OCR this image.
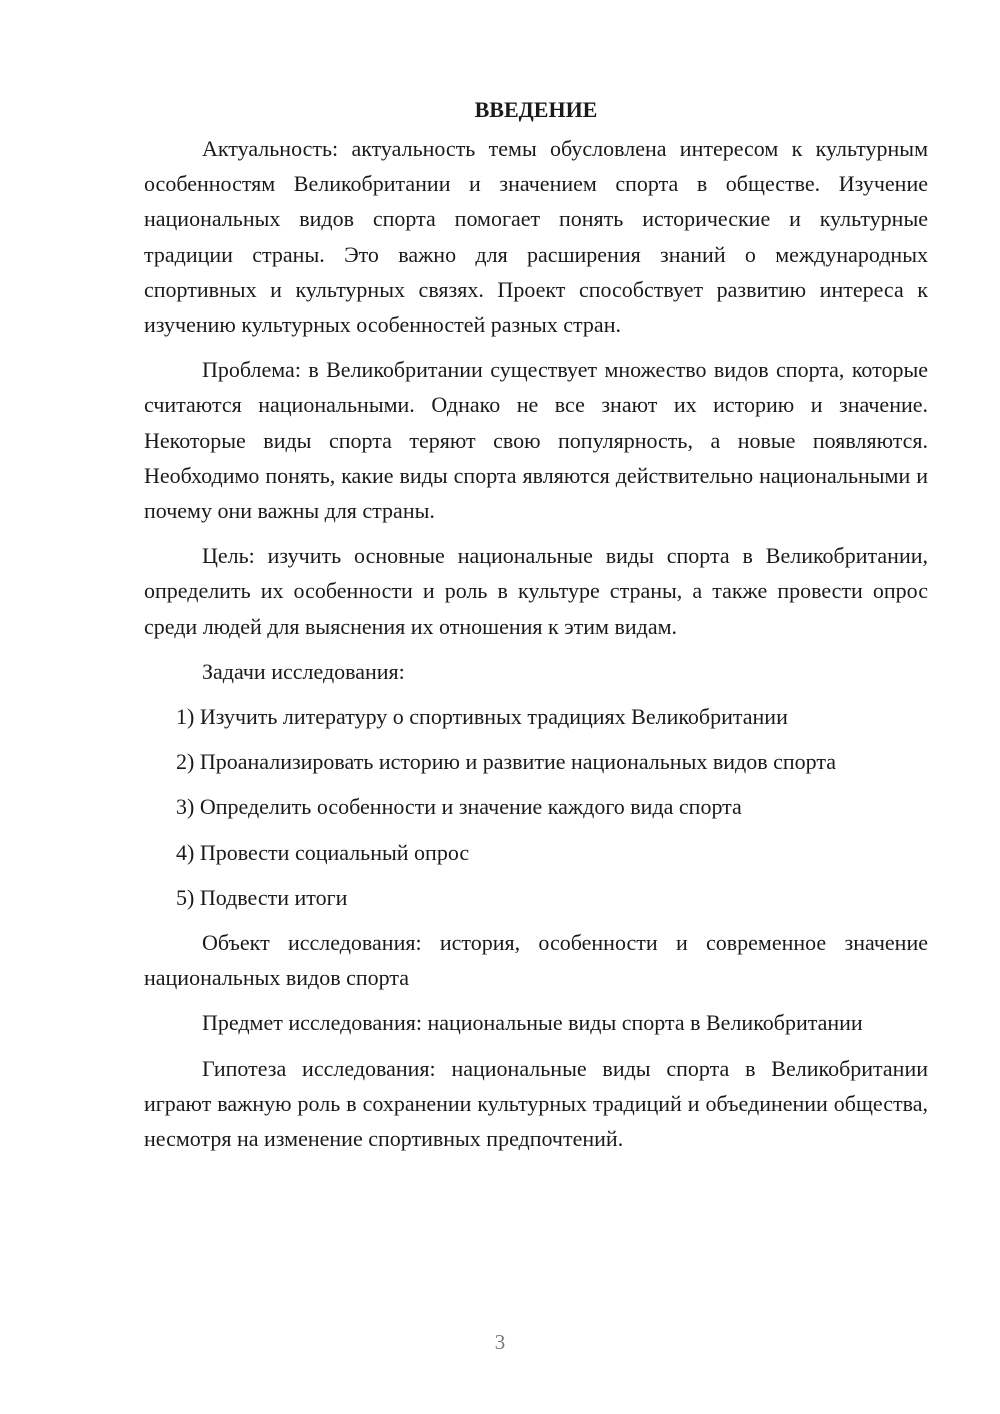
ВВЕДЕНИЕ

Актуальность: актуальность темы обусловлена интересом к культурным особенностям Великобритании и значением спорта в обществе. Изучение национальных видов спорта помогает понять исторические и культурные традиции страны. Это важно для расширения знаний о международных спортивных и культурных связях. Проект способствует развитию интереса к изучению культурных особенностей разных стран.

Проблема: в Великобритании существует множество видов спорта, которые считаются национальными. Однако не все знают их историю и значение. Некоторые виды спорта теряют свою популярность, а новые появляются. Необходимо понять, какие виды спорта являются действительно национальными и почему они важны для страны.

Цель: изучить основные национальные виды спорта в Великобритании, определить их особенности и роль в культуре страны, а также провести опрос среди людей для выяснения их отношения к этим видам.

Задачи исследования:
1) Изучить литературу о спортивных традициях Великобритании
2) Проанализировать историю и развитие национальных видов спорта
3) Определить особенности и значение каждого вида спорта
4) Провести социальный опрос
5) Подвести итоги

Объект исследования: история, особенности и современное значение национальных видов спорта

Предмет исследования: национальные виды спорта в Великобритании

Гипотеза исследования: национальные виды спорта в Великобритании играют важную роль в сохранении культурных традиций и объединении общества, несмотря на изменение спортивных предпочтений.

3
